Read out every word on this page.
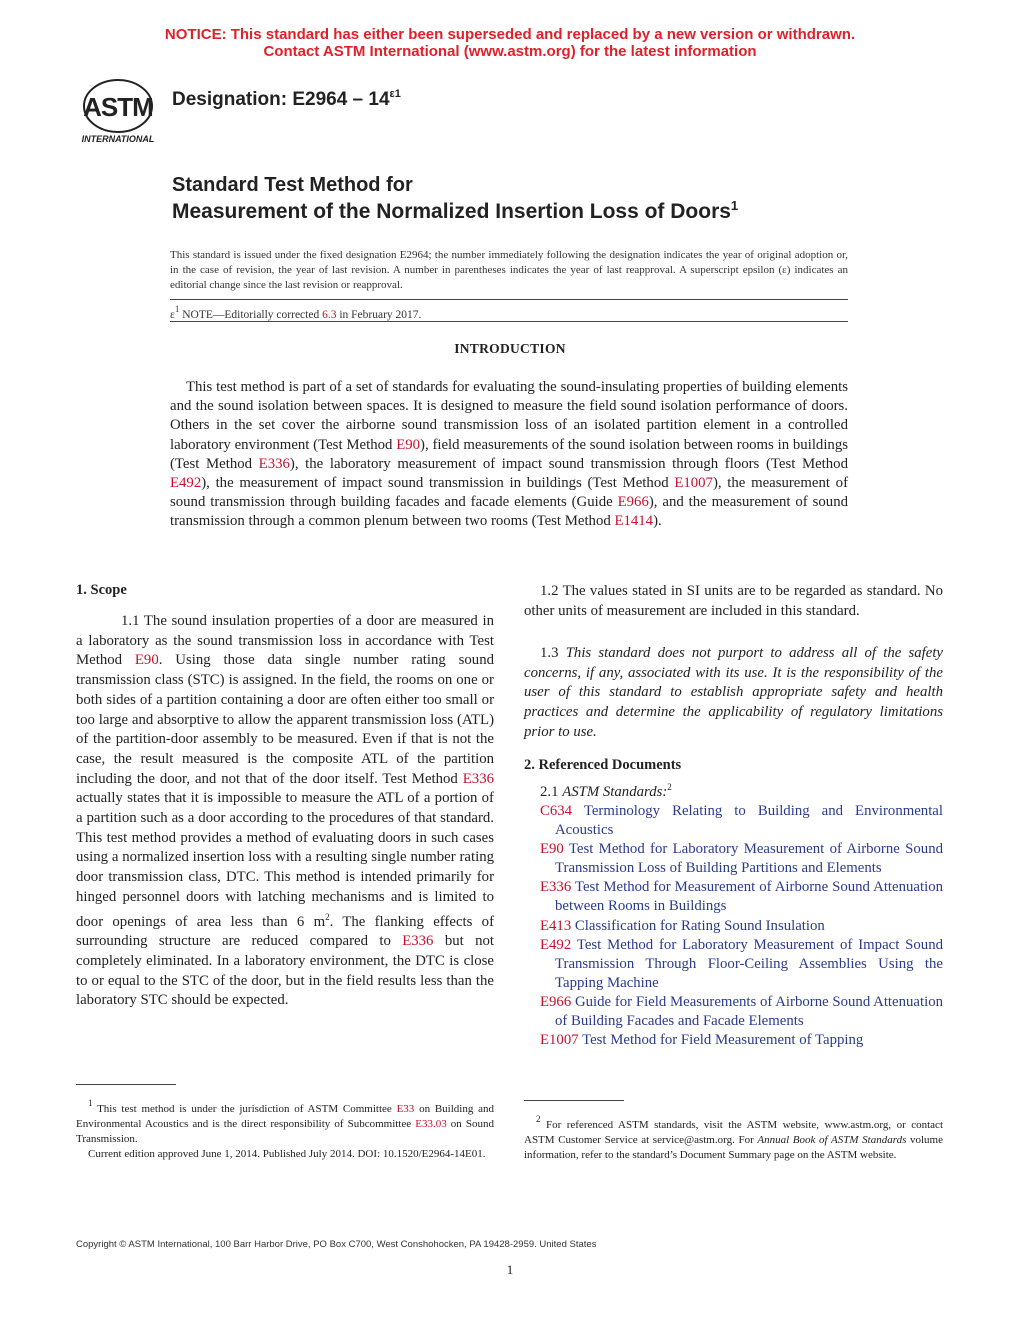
NOTICE: This standard has either been superseded and replaced by a new version or withdrawn.
Contact ASTM International (www.astm.org) for the latest information
ASTM
INTERNATIONAL
Designation: $E2964 - 14^{\varepsilon 1}$
Standard Test Method for
Measurement of the Normalized Insertion Loss of Doors$^1$
This standard is issued under the fixed designation E2964; the number immediately following the designation indicates the year of original adoption or, in the case of revision, the year of last revision. A number in parentheses indicates the year of last reapproval. A superscript epsilon (ε) indicates an editorial change since the last revision or reapproval.
$\varepsilon^1$ NOTE—Editorially corrected 6.3 in February 2017.
INTRODUCTION
This test method is part of a set of standards for evaluating the sound-insulating properties of building elements and the sound isolation between spaces. It is designed to measure the field sound isolation performance of doors. Others in the set cover the airborne sound transmission loss of an isolated partition element in a controlled laboratory environment (Test Method E90), field measurements of the sound isolation between rooms in buildings (Test Method E336), the laboratory measurement of impact sound transmission through floors (Test Method E492), the measurement of impact sound transmission in buildings (Test Method E1007), the measurement of sound transmission through building facades and facade elements (Guide E966), and the measurement of sound transmission through a common plenum between two rooms (Test Method E1414).
1. Scope
1.1 The sound insulation properties of a door are measured in a laboratory as the sound transmission loss in accordance with Test Method E90. Using those data single number rating sound transmission class (STC) is assigned. In the field, the rooms on one or both sides of a partition containing a door are often either too small or too large and absorptive to allow the apparent transmission loss (ATL) of the partition-door assembly to be measured. Even if that is not the case, the result measured is the composite ATL of the partition including the door, and not that of the door itself. Test Method E336 actually states that it is impossible to measure the ATL of a portion of a partition such as a door according to the procedures of that standard. This test method provides a method of evaluating doors in such cases using a normalized insertion loss with a resulting single number rating door transmission class, DTC. This method is intended primarily for hinged personnel doors with latching mechanisms and is limited to door openings of area less than 6 $m^2$. The flanking effects of surrounding structure are reduced compared to E336 but not completely eliminated. In a laboratory environment, the DTC is close to or equal to the STC of the door, but in the field results less than the laboratory STC should be expected.
1.2 The values stated in SI units are to be regarded as standard. No other units of measurement are included in this standard.
1.3 This standard does not purport to address all of the safety concerns, if any, associated with its use. It is the responsibility of the user of this standard to establish appropriate safety and health practices and determine the applicability of regulatory limitations prior to use.
2. Referenced Documents
2.1 ASTM Standards:$^2$
C634 Terminology Relating to Building and Environmental Acoustics
E90 Test Method for Laboratory Measurement of Airborne Sound Transmission Loss of Building Partitions and Elements
E336 Test Method for Measurement of Airborne Sound Attenuation between Rooms in Buildings
E413 Classification for Rating Sound Insulation
E492 Test Method for Laboratory Measurement of Impact Sound Transmission Through Floor-Ceiling Assemblies Using the Tapping Machine
E966 Guide for Field Measurements of Airborne Sound Attenuation of Building Facades and Facade Elements
E1007 Test Method for Field Measurement of Tapping

$^1$ This test method is under the jurisdiction of ASTM Committee E33 on Building and Environmental Acoustics and is the direct responsibility of Subcommittee E33.03 on Sound Transmission.

Current edition approved June 1, 2014. Published July 2014. DOI: 10.1520/E2964-14E01.

$^2$ For referenced ASTM standards, visit the ASTM website, www.astm.org, or contact ASTM Customer Service at service@astm.org. For Annual Book of ASTM Standards volume information, refer to the standard’s Document Summary page on the ASTM website.

Copyright © ASTM International, 100 Barr Harbor Drive, PO Box C700, West Conshohocken, PA 19428-2959. United States
1
